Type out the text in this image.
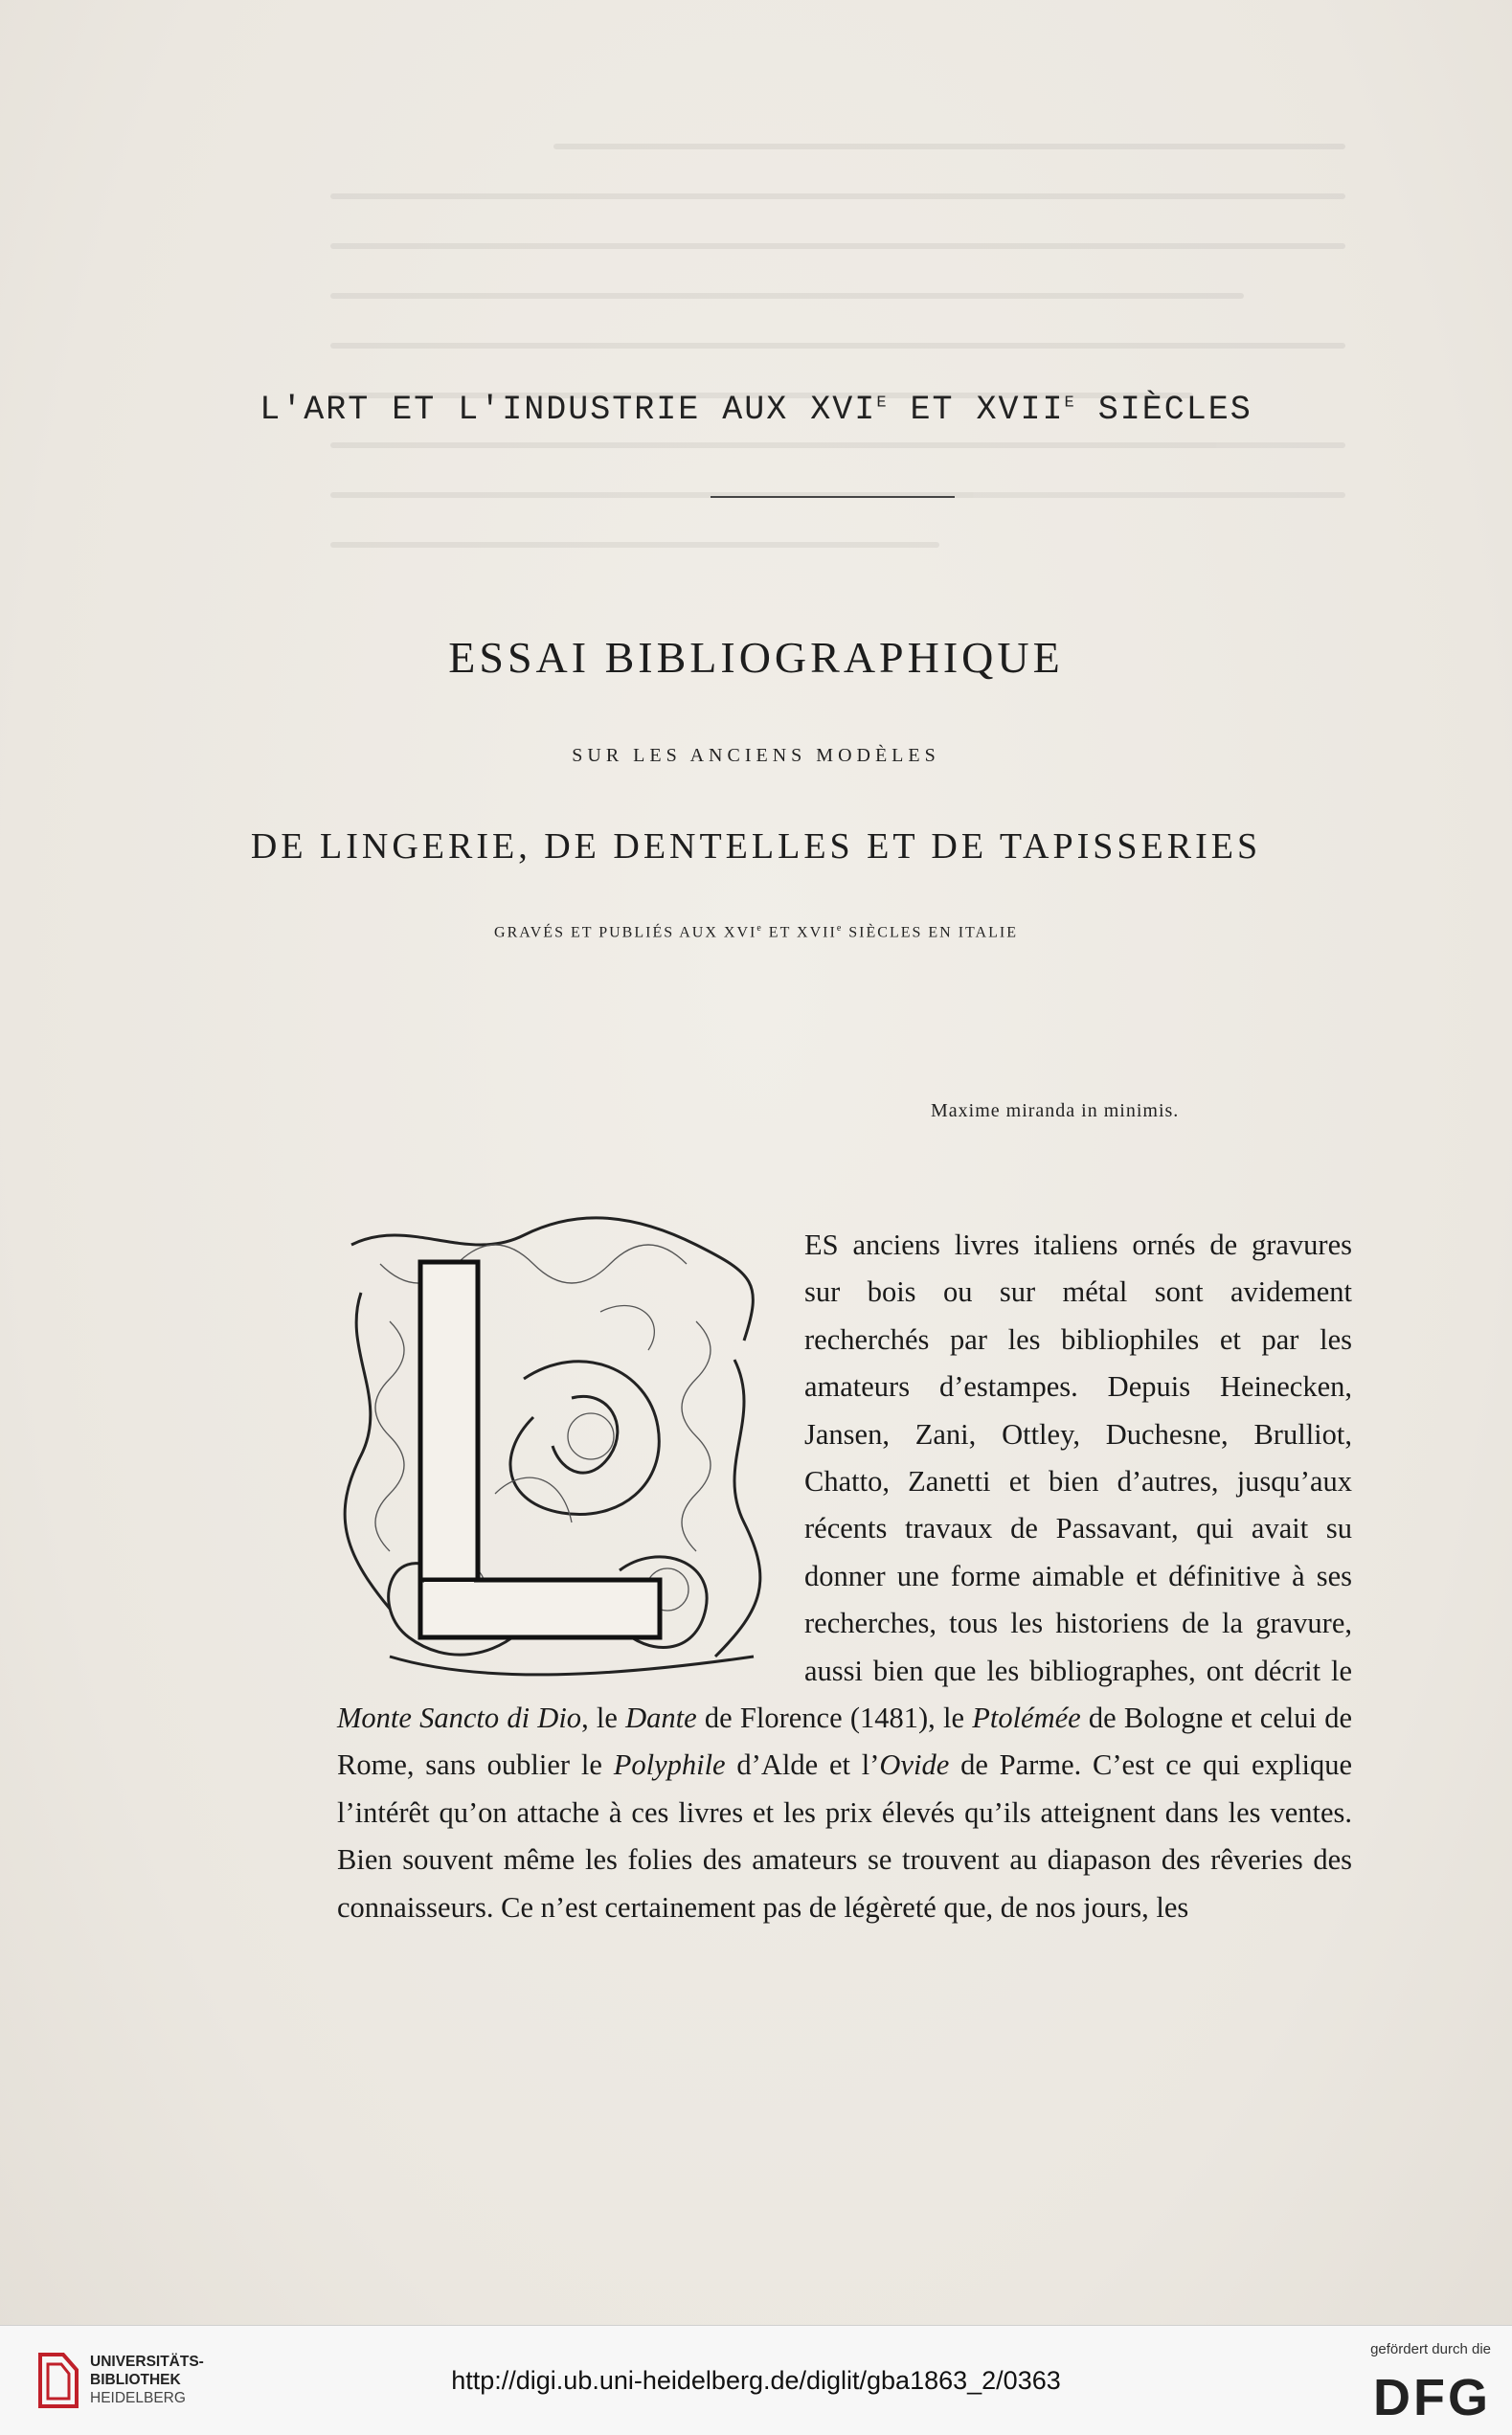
L'ART ET L'INDUSTRIE AUX $XVI^E$ ET $XVII^E$ SIÈCLES
ESSAI BIBLIOGRAPHIQUE
SUR LES ANCIENS MODÈLES
DE LINGERIE, DE DENTELLES ET DE TAPISSERIES
GRAVÉS ET PUBLIÉS AUX XVIe ET XVIIe SIÈCLES EN ITALIE
Maxime miranda in minimis.
ES anciens livres italiens ornés de gravures sur bois ou sur métal sont avidement recherchés par les bibliophiles et par les amateurs d’estampes. Depuis Heinecken, Jansen, Zani, Ottley, Duchesne, Brulliot, Chatto, Zanetti et bien d’autres, jusqu’aux récents travaux de Passavant, qui avait su donner une forme aimable et définitive à ses recherches, tous les historiens de la gravure, aussi bien que les bibliographes, ont décrit le Monte Sancto di Dio, le Dante de Florence (1481), le Ptolémée de Bologne et celui de Rome, sans oublier le Polyphile d’Alde et l’Ovide de Parme. C’est ce qui explique l’intérêt qu’on attache à ces livres et les prix élevés qu’ils atteignent dans les ventes. Bien souvent même les folies des amateurs se trouvent au diapason des rêveries des connaisseurs. Ce n’est certainement pas de légèreté que, de nos jours, les
UNIVERSITÄTS-
BIBLIOTHEK
HEIDELBERG
http://digi.ub.uni-heidelberg.de/diglit/gba1863_2/0363
gefördert durch die
DFG
